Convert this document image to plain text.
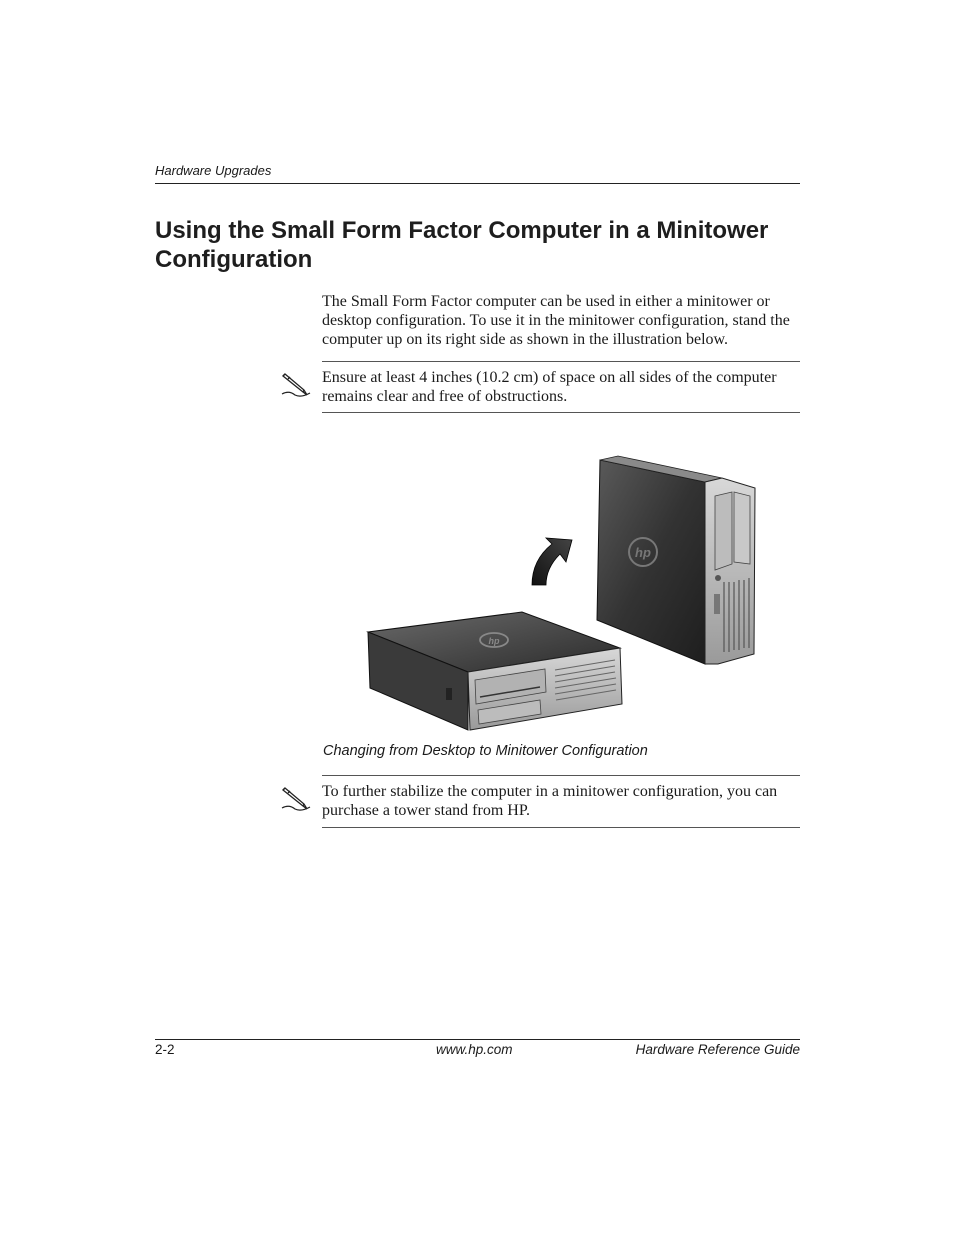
Hardware Upgrades
Using the Small Form Factor Computer in a Minitower Configuration

The Small Form Factor computer can be used in either a minitower or desktop configuration. To use it in the minitower configuration, stand the computer up on its right side as shown in the illustration below.

Ensure at least 4 inches (10.2 cm) of space on all sides of the computer remains clear and free of obstructions.

hp
hp
Changing from Desktop to Minitower Configuration

To further stabilize the computer in a minitower configuration, you can purchase a tower stand from HP.

2-2	www.hp.com	Hardware Reference Guide
